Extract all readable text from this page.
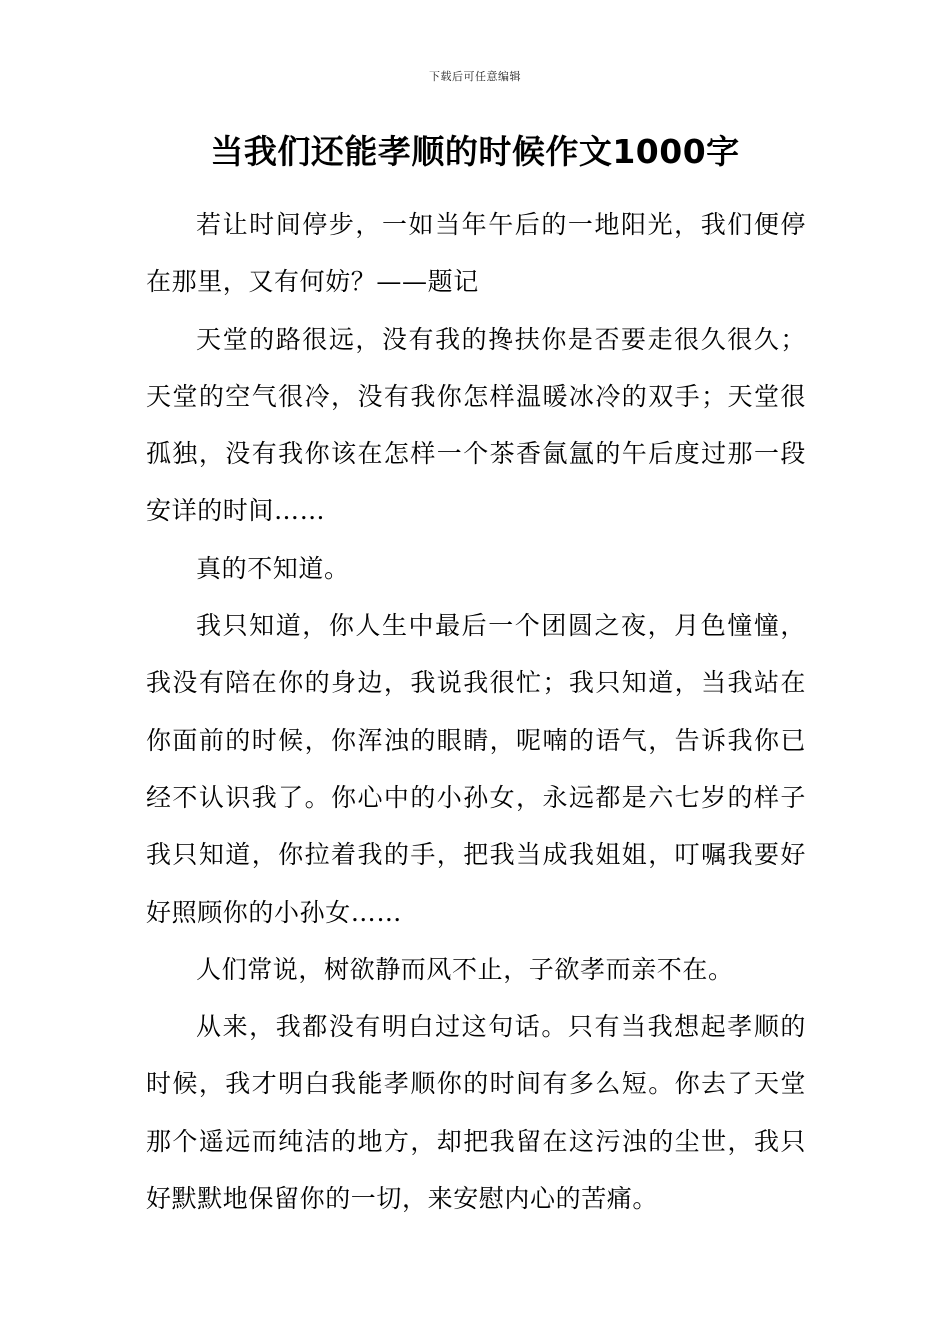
下载后可任意编辑
当我们还能孝顺的时候作文1000字

若让时间停步，一如当年午后的一地阳光，我们便停在那里，又有何妨？——题记

天堂的路很远，没有我的搀扶你是否要走很久很久；天堂的空气很冷，没有我你怎样温暖冰冷的双手；天堂很孤独，没有我你该在怎样一个茶香氤氲的午后度过那一段安详的时间……

真的不知道。

我只知道，你人生中最后一个团圆之夜，月色憧憧，我没有陪在你的身边，我说我很忙；我只知道，当我站在你面前的时候，你浑浊的眼睛，呢喃的语气，告诉我你已经不认识我了。你心中的小孙女，永远都是六七岁的样子我只知道，你拉着我的手，把我当成我姐姐，叮嘱我要好好照顾你的小孙女……

人们常说，树欲静而风不止，子欲孝而亲不在。

从来，我都没有明白过这句话。只有当我想起孝顺的时候，我才明白我能孝顺你的时间有多么短。你去了天堂那个遥远而纯洁的地方，却把我留在这污浊的尘世，我只好默默地保留你的一切，来安慰内心的苦痛。
